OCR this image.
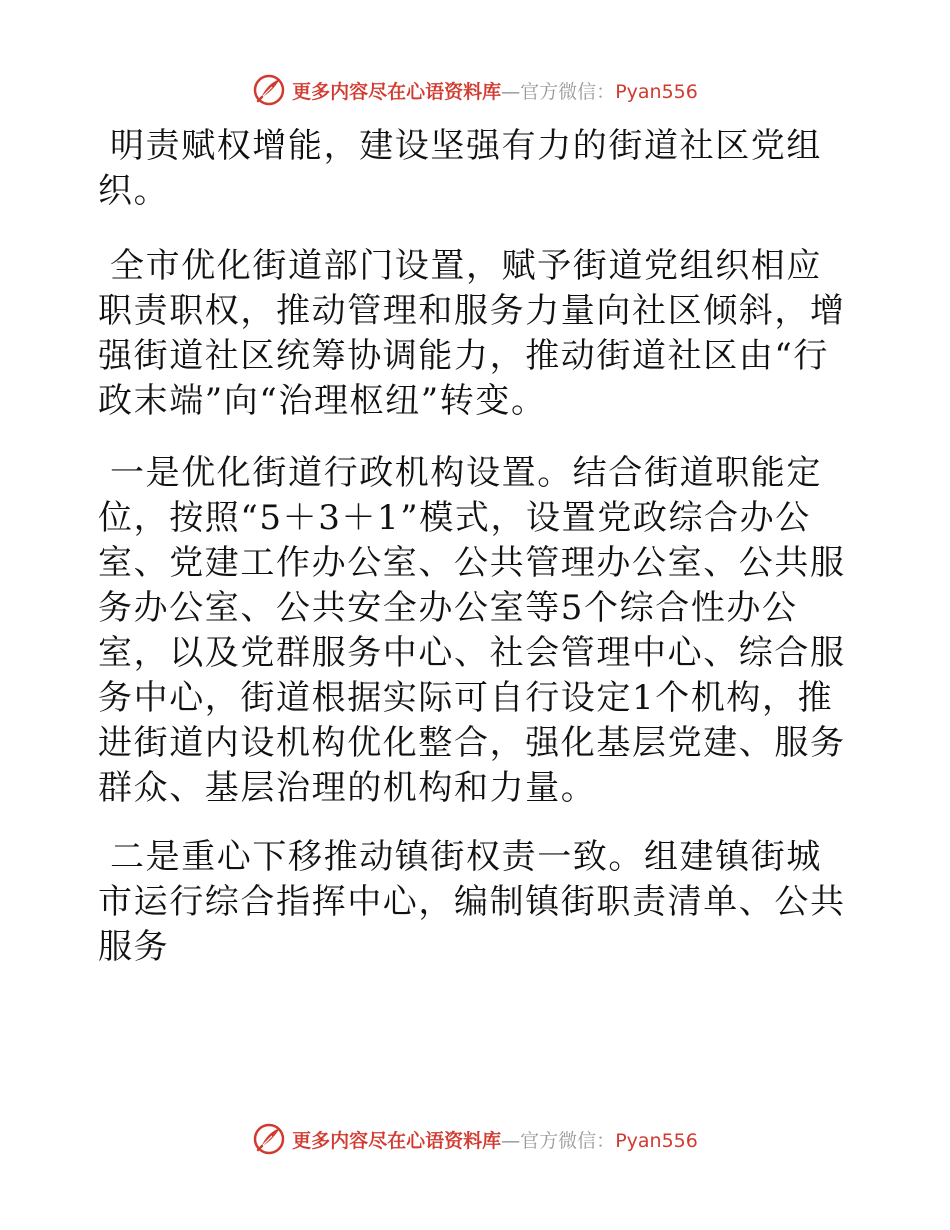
更多内容尽在心语资料库—官方微信：Pyan556

明责赋权增能，建设坚强有力的街道社区党组织。

全市优化街道部门设置，赋予街道党组织相应职责职权，推动管理和服务力量向社区倾斜，增强街道社区统筹协调能力，推动街道社区由“行政末端”向“治理枢纽”转变。

一是优化街道行政机构设置。结合街道职能定位，按照“5＋3＋1”模式，设置党政综合办公室、党建工作办公室、公共管理办公室、公共服务办公室、公共安全办公室等5个综合性办公室，以及党群服务中心、社会管理中心、综合服务中心，街道根据实际可自行设定1个机构，推进街道内设机构优化整合，强化基层党建、服务群众、基层治理的机构和力量。

二是重心下移推动镇街权责一致。组建镇街城市运行综合指挥中心，编制镇街职责清单、公共服务

更多内容尽在心语资料库—官方微信：Pyan556
